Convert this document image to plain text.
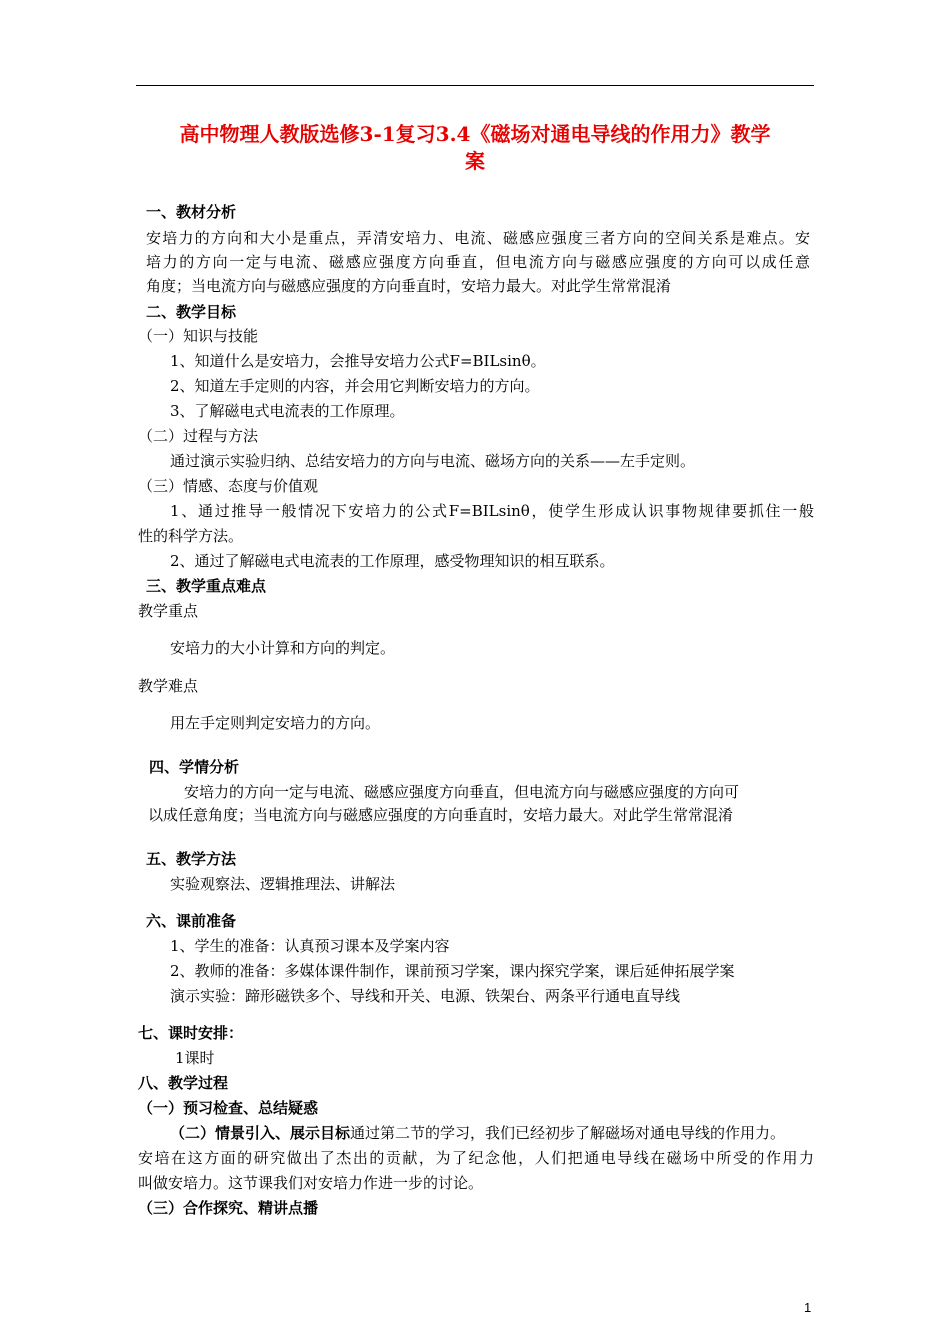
高中物理人教版选修3-1复习3.4《磁场对通电导线的作用力》教学
案
一、教材分析
安培力的方向和大小是重点，弄清安培力、电流、磁感应强度三者方向的空间关系是难点。安
培力的方向一定与电流、磁感应强度方向垂直，但电流方向与磁感应强度的方向可以成任意
角度；当电流方向与磁感应强度的方向垂直时，安培力最大。对此学生常常混淆
二、教学目标
（一）知识与技能
1、知道什么是安培力，会推导安培力公式F=BILsinθ。
2、知道左手定则的内容，并会用它判断安培力的方向。
3、了解磁电式电流表的工作原理。
（二）过程与方法
通过演示实验归纳、总结安培力的方向与电流、磁场方向的关系——左手定则。
（三）情感、态度与价值观
1、通过推导一般情况下安培力的公式F=BILsinθ，使学生形成认识事物规律要抓住一般
性的科学方法。
2、通过了解磁电式电流表的工作原理，感受物理知识的相互联系。
三、教学重点难点
教学重点
安培力的大小计算和方向的判定。
教学难点
用左手定则判定安培力的方向。
四、学情分析
安培力的方向一定与电流、磁感应强度方向垂直，但电流方向与磁感应强度的方向可
以成任意角度；当电流方向与磁感应强度的方向垂直时，安培力最大。对此学生常常混淆
五、教学方法
实验观察法、逻辑推理法、讲解法
六、课前准备
1、学生的准备：认真预习课本及学案内容
2、教师的准备：多媒体课件制作，课前预习学案，课内探究学案，课后延伸拓展学案
演示实验：蹄形磁铁多个、导线和开关、电源、铁架台、两条平行通电直导线
七、课时安排：
1课时
八、教学过程
（一）预习检查、总结疑惑
（二）情景引入、展示目标通过第二节的学习，我们已经初步了解磁场对通电导线的作用力。
安培在这方面的研究做出了杰出的贡献，为了纪念他，人们把通电导线在磁场中所受的作用力
叫做安培力。这节课我们对安培力作进一步的讨论。
（三）合作探究、精讲点播
1
